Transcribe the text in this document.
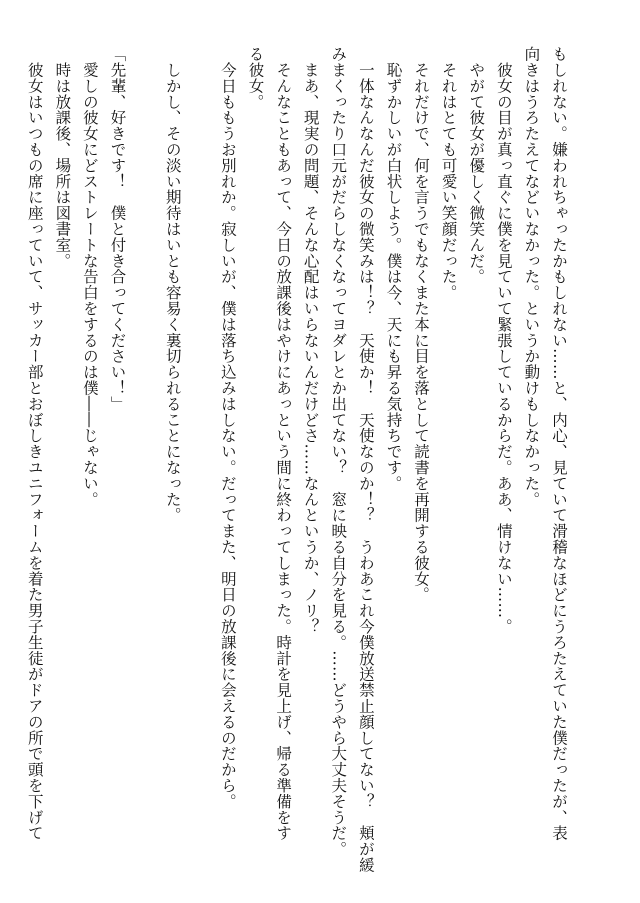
もしれない。嫌われちゃったかもしれない……と、内心、見ていて滑稽なほどにうろたえていた僕だったが、表
向きはうろたえてなどいなかった。というか動けもしなかった。
　彼女の目が真っ直ぐに僕を見ていて緊張しているからだ。ああ、情けない……。
　やがて彼女が優しく微笑んだ。
　それはとても可愛い笑顔だった。
　それだけで、何を言うでもなくまた本に目を落として読書を再開する彼女。
　恥ずかしいが白状しよう。僕は今、天にも昇る気持ちです。
　一体なんなんだ彼女の微笑みは！？　天使か！　天使なのか！？　うわあこれ今僕放送禁止顔してない？　頬が緩
みまくったり口元がだらしなくなってヨダレとか出てない？　窓に映る自分を見る。……どうやら大丈夫そうだ。
　まあ、現実の問題、そんな心配はいらないんだけどさ……なんというか、ノリ？
　そんなこともあって、今日の放課後はやけにあっという間に終わってしまった。時計を見上げ、帰る準備をす
る彼女。
　今日ももうお別れか。寂しいが、僕は落ち込みはしない。だってまた、明日の放課後に会えるのだから。
　しかし、その淡い期待はいとも容易く裏切られることになった。
「先輩、好きです！　僕と付き合ってください！」
　愛しの彼女にどストレートな告白をするのは僕――じゃない。
　時は放課後、場所は図書室。
　彼女はいつもの席に座っていて、サッカー部とおぼしきユニフォームを着た男子生徒がドアの所で頭を下げて
